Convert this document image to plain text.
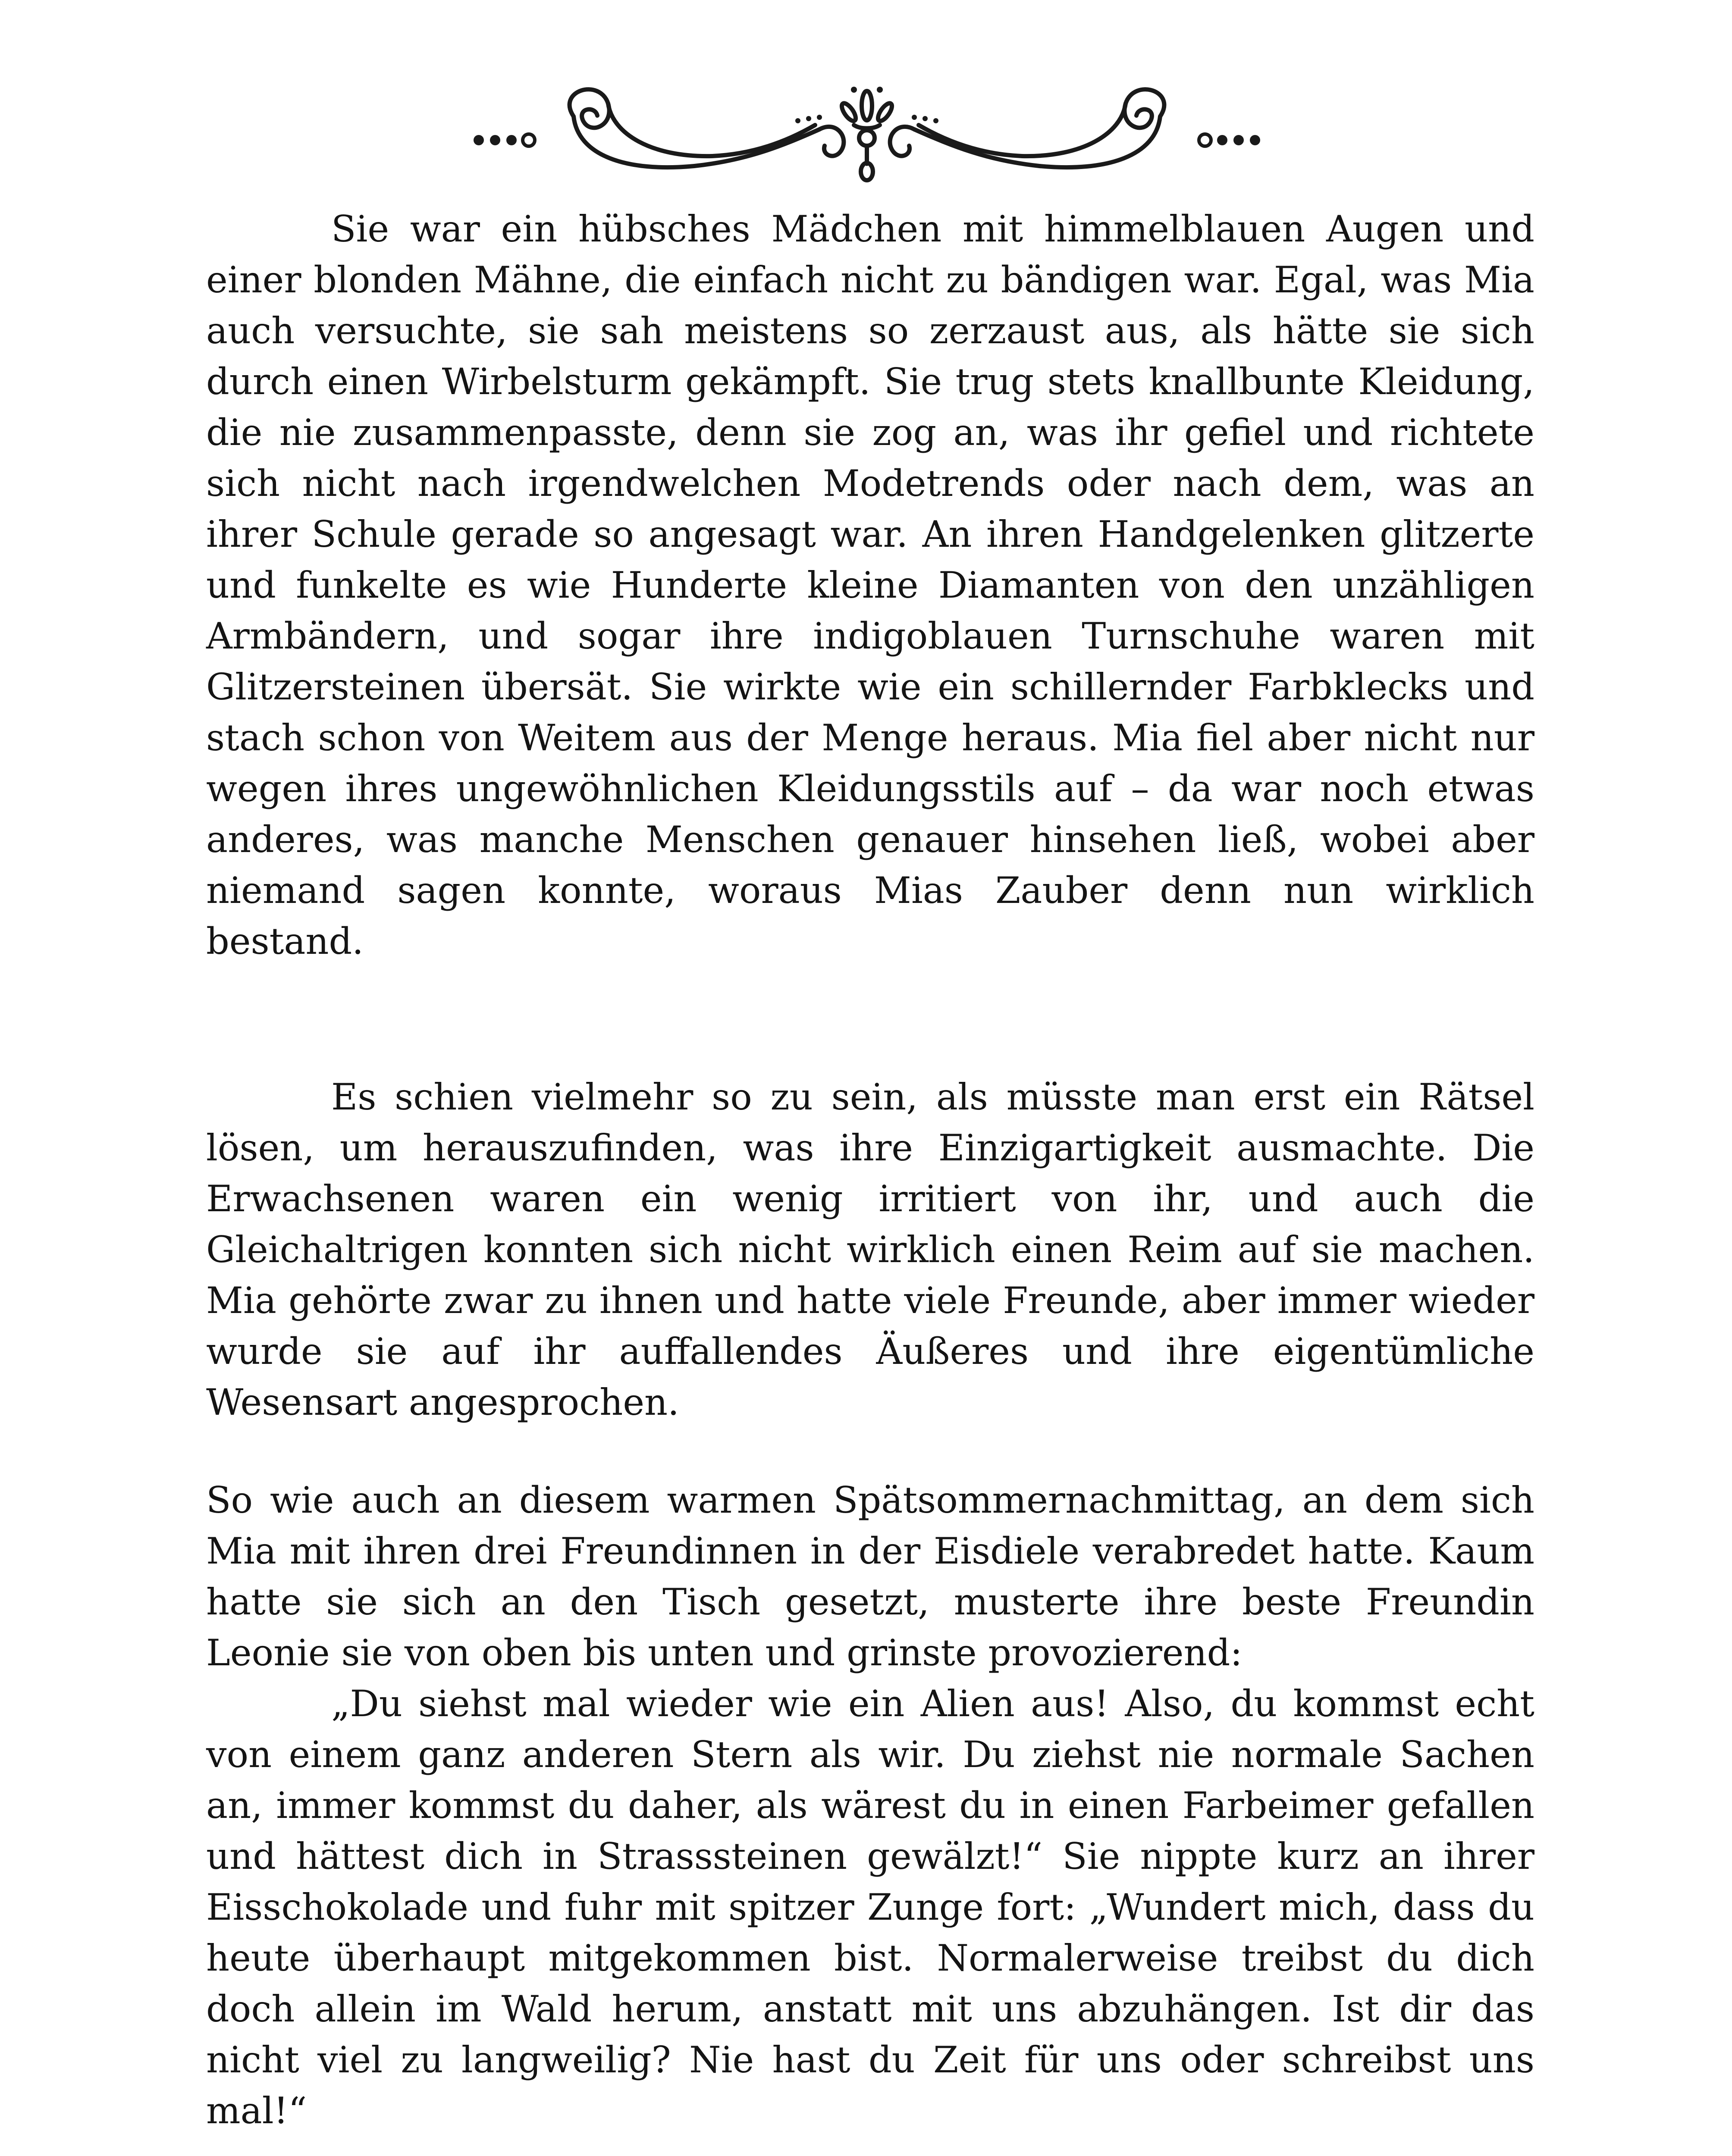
Sie war ein hübsches Mädchen mit himmelblauen Augen und einer blonden Mähne, die einfach nicht zu bändigen war. Egal, was Mia auch versuchte, sie sah meistens so zerzaust aus, als hätte sie sich durch einen Wirbelsturm gekämpft. Sie trug stets knallbunte Kleidung, die nie zusammenpasste, denn sie zog an, was ihr gefiel und richtete sich nicht nach irgendwelchen Modetrends oder nach dem, was an ihrer Schule gerade so angesagt war. An ihren Handgelenken glitzerte und funkelte es wie Hunderte kleine Diamanten von den unzähligen Armbändern, und sogar ihre indigoblauen Turnschuhe waren mit Glitzersteinen übersät. Sie wirkte wie ein schillernder Farbklecks und stach schon von Weitem aus der Menge heraus. Mia fiel aber nicht nur wegen ihres ungewöhnlichen Kleidungsstils auf – da war noch etwas anderes, was manche Menschen genauer hinsehen ließ, wobei aber niemand sagen konnte, woraus Mias Zauber denn nun wirklich bestand.

Es schien vielmehr so zu sein, als müsste man erst ein Rätsel lösen, um herauszufinden, was ihre Einzigartigkeit ausmachte. Die Erwachsenen waren ein wenig irritiert von ihr, und auch die Gleichaltrigen konnten sich nicht wirklich einen Reim auf sie machen. Mia gehörte zwar zu ihnen und hatte viele Freunde, aber immer wieder wurde sie auf ihr auffallendes Äußeres und ihre eigentümliche Wesensart angesprochen.

So wie auch an diesem warmen Spätsommernachmittag, an dem sich Mia mit ihren drei Freundinnen in der Eisdiele verabredet hatte. Kaum hatte sie sich an den Tisch gesetzt, musterte ihre beste Freundin Leonie sie von oben bis unten und grinste provozierend:

„Du siehst mal wieder wie ein Alien aus! Also, du kommst echt von einem ganz anderen Stern als wir. Du ziehst nie normale Sachen an, immer kommst du daher, als wärest du in einen Farbeimer gefallen und hättest dich in Strasssteinen gewälzt!“ Sie nippte kurz an ihrer Eisschokolade und fuhr mit spitzer Zunge fort: „Wundert mich, dass du heute überhaupt mitgekommen bist. Normalerweise treibst du dich doch allein im Wald herum, anstatt mit uns abzuhängen. Ist dir das nicht viel zu langweilig? Nie hast du Zeit für uns oder schreibst uns mal!“
